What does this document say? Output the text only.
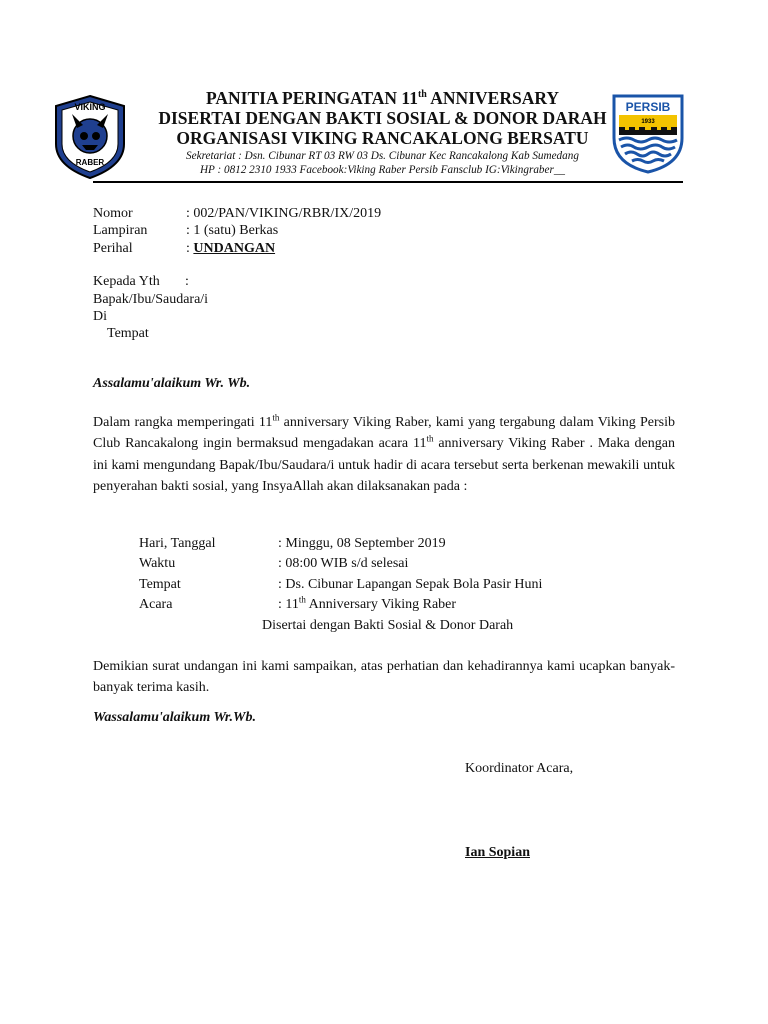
VIKING
RABER
PERSIB
1933
PANITIA PERINGATAN 11th ANNIVERSARY
DISERTAI DENGAN BAKTI SOSIAL & DONOR DARAH
ORGANISASI VIKING RANCAKALONG BERSATU
Sekretariat : Dsn. Cibunar RT 03 RW 03 Ds. Cibunar Kec Rancakalong Kab Sumedang
HP : 0812 2310 1933 Facebook:Viking Raber Persib Fansclub IG:Vikingraber__
Nomor	: 002/PAN/VIKING/RBR/IX/2019
Lampiran	: 1 (satu) Berkas
Perihal	: UNDANGAN
Kepada Yth :
Bapak/Ibu/Saudara/i
Di
Tempat
Assalamu'alaikum Wr. Wb.
Dalam rangka memperingati 11th anniversary Viking Raber, kami yang tergabung dalam Viking Persib Club Rancakalong ingin bermaksud mengadakan acara 11th anniversary Viking Raber . Maka dengan ini kami mengundang Bapak/Ibu/Saudara/i untuk hadir di acara tersebut serta berkenan mewakili untuk penyerahan bakti sosial, yang InsyaAllah akan dilaksanakan pada :
Hari, Tanggal	: Minggu, 08 September 2019
Waktu	: 08:00 WIB s/d selesai
Tempat	: Ds. Cibunar Lapangan Sepak Bola Pasir Huni
Acara	: 11th Anniversary Viking Raber
Disertai dengan Bakti Sosial & Donor Darah
Demikian surat undangan ini kami sampaikan, atas perhatian dan kehadirannya kami ucapkan banyak-banyak terima kasih.
Wassalamu'alaikum Wr.Wb.
Koordinator Acara,
Ian Sopian
